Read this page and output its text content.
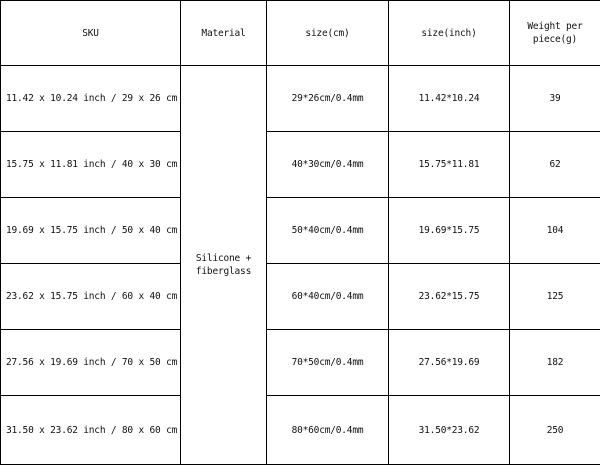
SKU	Material	size(cm)	size(inch)	Weight per piece(g)
11.42 x 10.24 inch / 29 x 26 cm	Silicone + fiberglass	29*26cm/0.4mm	11.42*10.24	39
15.75 x 11.81 inch / 40 x 30 cm		40*30cm/0.4mm	15.75*11.81	62
19.69 x 15.75 inch / 50 x 40 cm		50*40cm/0.4mm	19.69*15.75	104
23.62 x 15.75 inch / 60 x 40 cm		60*40cm/0.4mm	23.62*15.75	125
27.56 x 19.69 inch / 70 x 50 cm		70*50cm/0.4mm	27.56*19.69	182
31.50 x 23.62 inch / 80 x 60 cm		80*60cm/0.4mm	31.50*23.62	250
